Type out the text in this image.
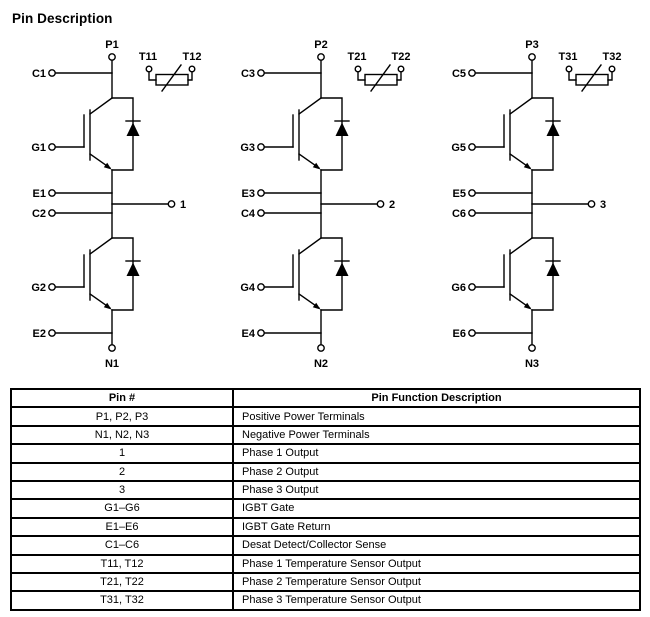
Pin Description
P1
T11 T12
C1
G1
E1
1
C2
G2
E2
N1
P2
T21 T22
C3
G3
E3
2
C4
G4
E4
N2
P3
T31 T32
C5
G5
E5
3
C6
G6
E6
N3
Pin #	Pin Function Description
P1, P2, P3	Positive Power Terminals
N1, N2, N3	Negative Power Terminals
1	Phase 1 Output
2	Phase 2 Output
3	Phase 3 Output
G1–G6	IGBT Gate
E1–E6	IGBT Gate Return
C1–C6	Desat Detect/Collector Sense
T11, T12	Phase 1 Temperature Sensor Output
T21, T22	Phase 2 Temperature Sensor Output
T31, T32	Phase 3 Temperature Sensor Output
